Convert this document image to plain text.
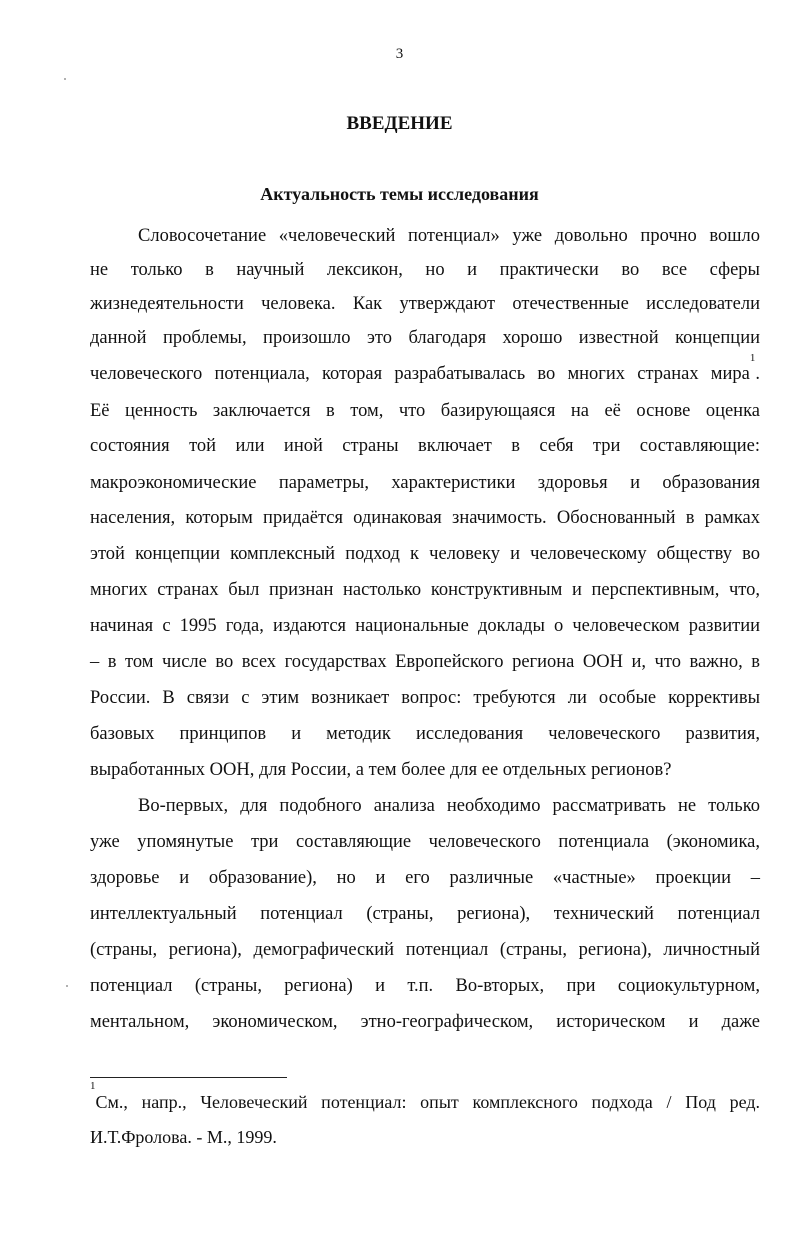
3
ВВЕДЕНИЕ
Актуальность темы исследования
Словосочетание «человеческий потенциал» уже довольно прочно вошло
не только в научный лексикон, но и практически во все сферы
жизнедеятельности человека. Как утверждают отечественные исследователи
данной проблемы, произошло это благодаря хорошо известной концепции
человеческого потенциала, которая разрабатывалась во многих странах мира$^1$.
Её ценность заключается в том, что базирующаяся на её основе оценка
состояния той или иной страны включает в себя три составляющие:
макроэкономические параметры, характеристики здоровья и образования
населения, которым придаётся одинаковая значимость. Обоснованный в рамках
этой концепции комплексный подход к человеку и человеческому обществу во
многих странах был признан настолько конструктивным и перспективным, что,
начиная с 1995 года, издаются национальные доклады о человеческом развитии
– в том числе во всех государствах Европейского региона ООН и, что важно, в
России. В связи с этим возникает вопрос: требуются ли особые коррективы
базовых принципов и методик исследования человеческого развития,
выработанных ООН, для России, а тем более для ее отдельных регионов?
Во-первых, для подобного анализа необходимо рассматривать не только
уже упомянутые три составляющие человеческого потенциала (экономика,
здоровье и образование), но и его различные «частные» проекции –
интеллектуальный потенциал (страны, региона), технический потенциал
(страны, региона), демографический потенциал (страны, региона), личностный
потенциал (страны, региона) и т.п. Во-вторых, при социокультурном,
ментальном, экономическом, этно-географическом, историческом и даже
$^1$См., напр., Человеческий потенциал: опыт комплексного подхода / Под ред.
И.Т.Фролова. - М., 1999.
